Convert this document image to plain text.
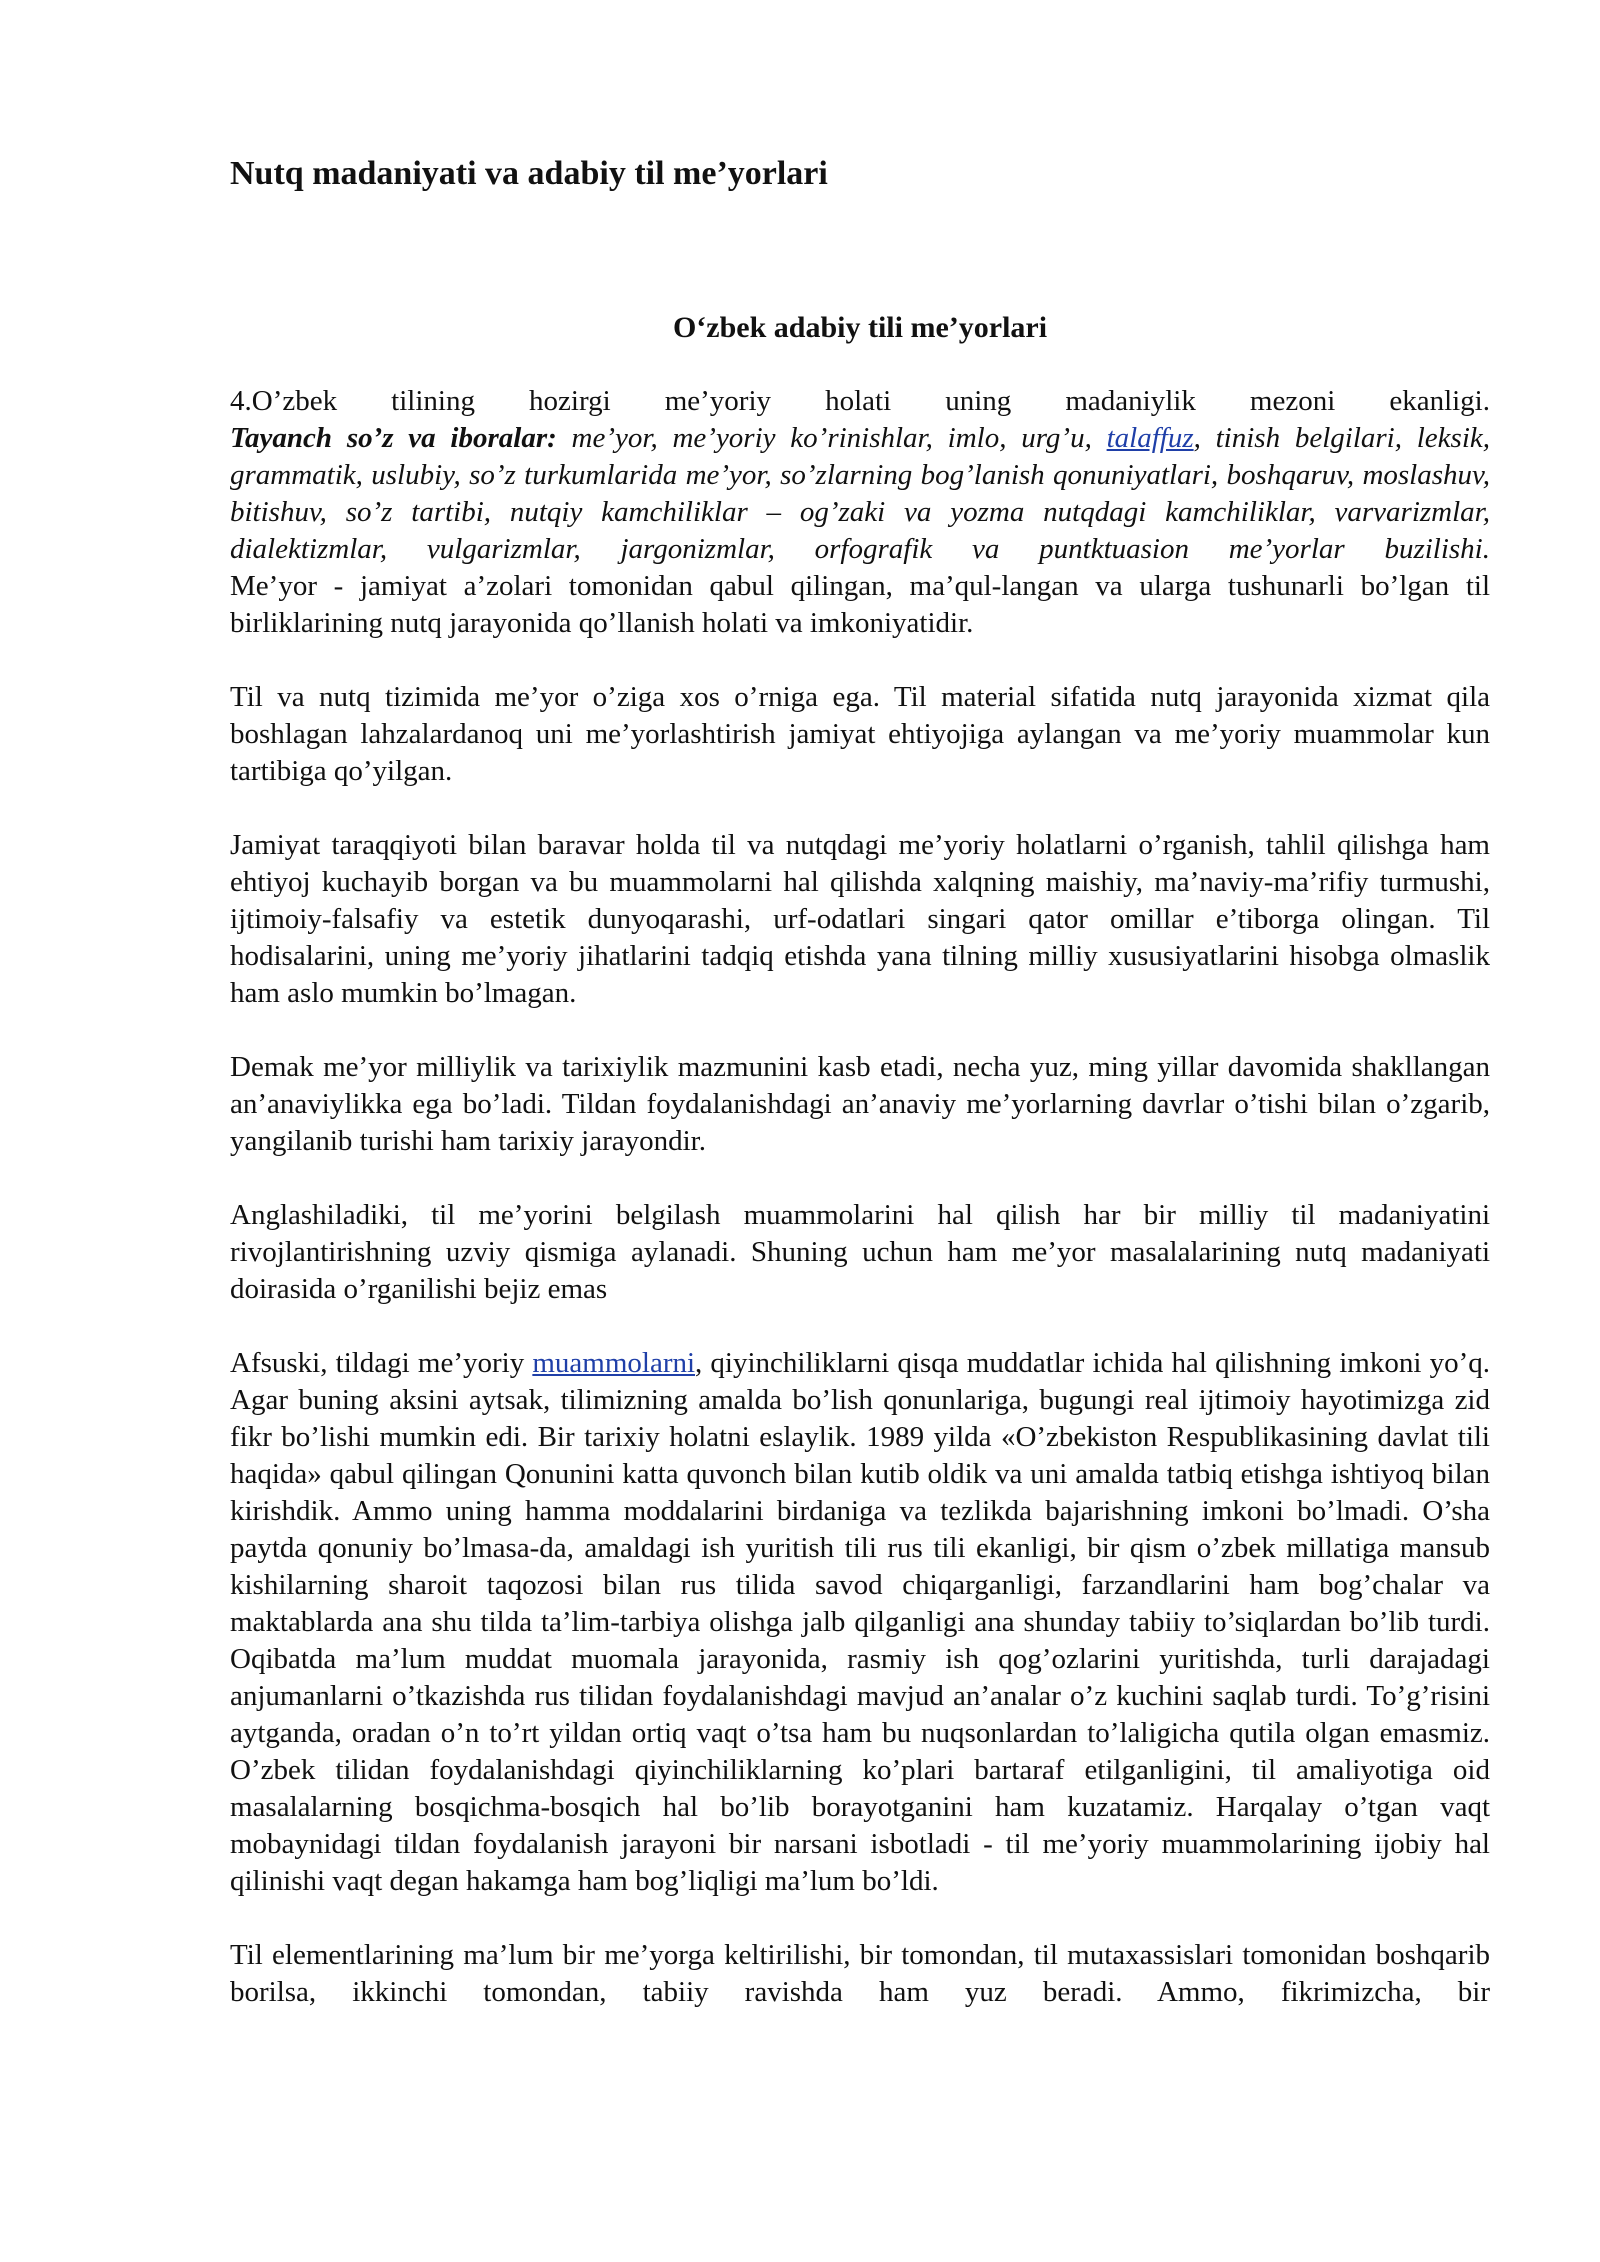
Nutq madaniyati va adabiy til me’yorlari
O‘zbek adabiy tili me’yorlari

4.O’zbek tilining hozirgi me’yoriy holati uning madaniylik mezoni ekanligi.

Tayanch so’z va iboralar: me’yor, me’yoriy ko’rinishlar, imlo, urg’u, talaffuz, tinish belgilari, leksik, grammatik, uslubiy, so’z turkumlarida me’yor, so’zlarning bog’lanish qonuniyatlari, boshqaruv, moslashuv, bitishuv, so’z tartibi, nutqiy kamchiliklar – og’zaki va yozma nutqdagi kamchiliklar, varvarizmlar, dialektizmlar, vulgarizmlar, jargonizmlar, orfografik va puntktuasion me’yorlar buzilishi.

Me’yor - jamiyat a’zolari tomonidan qabul qilingan, ma’qul-langan va ularga tushunarli bo’lgan til birliklarining nutq jarayonida qo’llanish holati va imkoniyatidir.

Til va nutq tizimida me’yor o’ziga xos o’rniga ega. Til material sifatida nutq jarayonida xizmat qila boshlagan lahzalardanoq uni me’yorlashtirish jamiyat ehtiyojiga aylangan va me’yoriy muammolar kun tartibiga qo’yilgan.

Jamiyat taraqqiyoti bilan baravar holda til va nutqdagi me’yoriy holatlarni o’rganish, tahlil qilishga ham ehtiyoj kuchayib borgan va bu muammolarni hal qilishda xalqning maishiy, ma’naviy-ma’rifiy turmushi, ijtimoiy-falsafiy va estetik dunyoqarashi, urf-odatlari singari qator omillar e’tiborga olingan. Til hodisalarini, uning me’yoriy jihatlarini tadqiq etishda yana tilning milliy xususiyatlarini hisobga olmaslik ham aslo mumkin bo’lmagan.

Demak me’yor milliylik va tarixiylik mazmunini kasb etadi, necha yuz, ming yillar davomida shakllangan an’anaviylikka ega bo’ladi. Tildan foydalanishdagi an’anaviy me’yorlarning davrlar o’tishi bilan o’zgarib, yangilanib turishi ham tarixiy jarayondir.

Anglashiladiki, til me’yorini belgilash muammolarini hal qilish har bir milliy til madaniyatini rivojlantirishning uzviy qismiga aylanadi. Shuning uchun ham me’yor masalalarining nutq madaniyati doirasida o’rganilishi bejiz emas

Afsuski, tildagi me’yoriy muammolarni, qiyinchiliklarni qisqa muddatlar ichida hal qilishning imkoni yo’q. Agar buning aksini aytsak, tilimizning amalda bo’lish qonunlariga, bugungi real ijtimoiy hayotimizga zid fikr bo’lishi mumkin edi. Bir tarixiy holatni eslaylik. 1989 yilda «O’zbekiston Respublikasining davlat tili haqida» qabul qilingan Qonunini katta quvonch bilan kutib oldik va uni amalda tatbiq etishga ishtiyoq bilan kirishdik. Ammo uning hamma moddalarini birdaniga va tezlikda bajarishning imkoni bo’lmadi. O’sha paytda qonuniy bo’lmasa-da, amaldagi ish yuritish tili rus tili ekanligi, bir qism o’zbek millatiga mansub kishilarning sharoit taqozosi bilan rus tilida savod chiqarganligi, farzandlarini ham bog’chalar va maktablarda ana shu tilda ta’lim-tarbiya olishga jalb qilganligi ana shunday tabiiy to’siqlardan bo’lib turdi. Oqibatda ma’lum muddat muomala jarayonida, rasmiy ish qog’ozlarini yuritishda, turli darajadagi anjumanlarni o’tkazishda rus tilidan foydalanishdagi mavjud an’analar o’z kuchini saqlab turdi. To’g’risini aytganda, oradan o’n to’rt yildan ortiq vaqt o’tsa ham bu nuqsonlardan to’laligicha qutila olgan emasmiz. O’zbek tilidan foydalanishdagi qiyinchiliklarning ko’plari bartaraf etilganligini, til amaliyotiga oid masalalarning bosqichma-bosqich hal bo’lib borayotganini ham kuzatamiz. Harqalay o’tgan vaqt mobaynidagi tildan foydalanish jarayoni bir narsani isbotladi - til me’yoriy muammolarining ijobiy hal qilinishi vaqt degan hakamga ham bog’liqligi ma’lum bo’ldi.

Til elementlarining ma’lum bir me’yorga keltirilishi, bir tomondan, til mutaxassislari tomonidan boshqarib borilsa, ikkinchi tomondan, tabiiy ravishda ham yuz beradi. Ammo, fikrimizcha, bir
